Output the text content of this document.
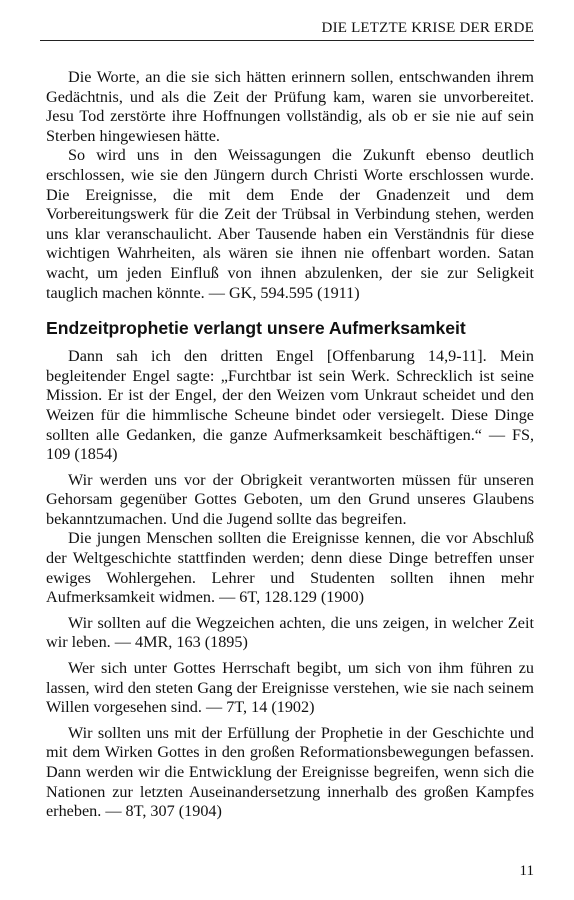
DIE LETZTE KRISE DER ERDE

Die Worte, an die sie sich hätten erinnern sollen, entschwanden ihrem Gedächtnis, und als die Zeit der Prüfung kam, waren sie unvorbereitet. Jesu Tod zerstörte ihre Hoffnungen vollständig, als ob er sie nie auf sein Sterben hingewiesen hätte.

So wird uns in den Weissagungen die Zukunft ebenso deutlich erschlossen, wie sie den Jüngern durch Christi Worte erschlossen wurde. Die Ereignisse, die mit dem Ende der Gnadenzeit und dem Vorbereitungswerk für die Zeit der Trübsal in Verbindung stehen, werden uns klar veranschaulicht. Aber Tausende haben ein Verständnis für diese wichtigen Wahrheiten, als wären sie ihnen nie offenbart worden. Satan wacht, um jeden Einfluß von ihnen abzulenken, der sie zur Seligkeit tauglich machen könnte. — GK, 594.595 (1911)

Endzeitprophetie verlangt unsere Aufmerksamkeit

Dann sah ich den dritten Engel [Offenbarung 14,9-11]. Mein begleitender Engel sagte: „Furchtbar ist sein Werk. Schrecklich ist seine Mission. Er ist der Engel, der den Weizen vom Unkraut scheidet und den Weizen für die himmlische Scheune bindet oder versiegelt. Diese Dinge sollten alle Gedanken, die ganze Aufmerksamkeit beschäftigen.“ — FS, 109 (1854)

Wir werden uns vor der Obrigkeit verantworten müssen für unseren Gehorsam gegenüber Gottes Geboten, um den Grund unseres Glaubens bekanntzumachen. Und die Jugend sollte das begreifen.

Die jungen Menschen sollten die Ereignisse kennen, die vor Abschluß der Weltgeschichte stattfinden werden; denn diese Dinge betreffen unser ewiges Wohlergehen. Lehrer und Studenten sollten ihnen mehr Aufmerksamkeit widmen. — 6T, 128.129 (1900)

Wir sollten auf die Wegzeichen achten, die uns zeigen, in welcher Zeit wir leben. — 4MR, 163 (1895)

Wer sich unter Gottes Herrschaft begibt, um sich von ihm führen zu lassen, wird den steten Gang der Ereignisse verstehen, wie sie nach seinem Willen vorgesehen sind. — 7T, 14 (1902)

Wir sollten uns mit der Erfüllung der Prophetie in der Geschichte und mit dem Wirken Gottes in den großen Reformationsbewegungen befassen. Dann werden wir die Entwicklung der Ereignisse begreifen, wenn sich die Nationen zur letzten Auseinandersetzung innerhalb des großen Kampfes erheben. — 8T, 307 (1904)

11
